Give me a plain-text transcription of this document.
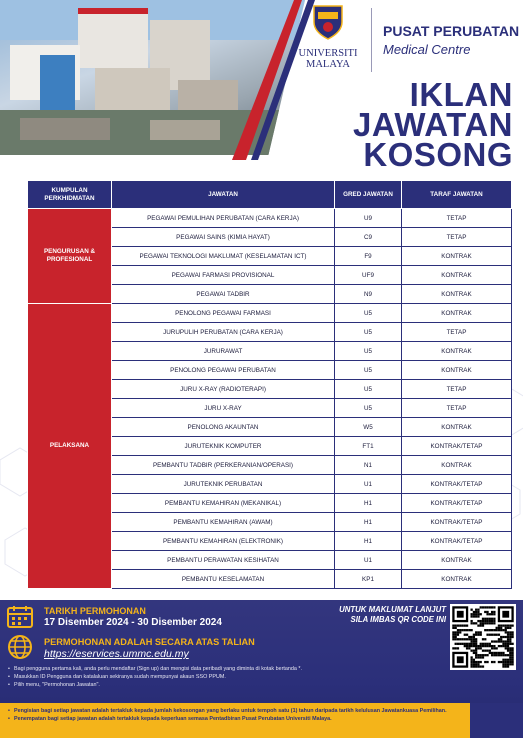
UNIVERSITI
MALAYA
PUSAT PERUBATAN
Medical Centre
IKLAN
JAWATAN
KOSONG
KUMPULAN PERKHIDMATAN	JAWATAN	GRED JAWATAN	TARAF JAWATAN
PENGURUSAN & PROFESIONAL	PEGAWAI PEMULIHAN PERUBATAN (CARA KERJA)	U9	TETAP
	PEGAWAI SAINS (KIMIA HAYAT)	C9	TETAP
	PEGAWAI TEKNOLOGI MAKLUMAT (KESELAMATAN ICT)	F9	KONTRAK
	PEGAWAI FARMASI PROVISIONAL	UF9	KONTRAK
	PEGAWAI TADBIR	N9	KONTRAK
PELAKSANA	PENOLONG PEGAWAI FARMASI	U5	KONTRAK
	JURUPULIH PERUBATAN (CARA KERJA)	U5	TETAP
	JURURAWAT	U5	KONTRAK
	PENOLONG PEGAWAI PERUBATAN	U5	KONTRAK
	JURU X-RAY (RADIOTERAPI)	U5	TETAP
	JURU X-RAY	U5	TETAP
	PENOLONG AKAUNTAN	W5	KONTRAK
	JURUTEKNIK KOMPUTER	FT1	KONTRAK/TETAP
	PEMBANTU TADBIR (PERKERANIAN/OPERASI)	N1	KONTRAK
	JURUTEKNIK PERUBATAN	U1	KONTRAK/TETAP
	PEMBANTU KEMAHIRAN (MEKANIKAL)	H1	KONTRAK/TETAP
	PEMBANTU KEMAHIRAN (AWAM)	H1	KONTRAK/TETAP
	PEMBANTU KEMAHIRAN (ELEKTRONIK)	H1	KONTRAK/TETAP
	PEMBANTU PERAWATAN KESIHATAN	U1	KONTRAK
	PEMBANTU KESELAMATAN	KP1	KONTRAK
TARIKH PERMOHONAN
17 Disember 2024 - 30 Disember 2024
PERMOHONAN ADALAH SECARA ATAS TALIAN
https://eservices.ummc.edu.my
UNTUK MAKLUMAT LANJUT
SILA IMBAS QR CODE INI
• Bagi pengguna pertama kali, anda perlu mendaftar (Sign up) dan mengisi data peribadi yang diminta di kotak bertanda *.
• Masukkan ID Pengguna dan katalaluan sekiranya sudah mempunyai akaun SSO PPUM.
• Pilih menu, "Permohonan Jawatan".
• Pengisian bagi setiap jawatan adalah tertakluk kepada jumlah kekosongan yang berlaku untuk tempoh satu (1) tahun daripada tarikh kelulusan Jawatankuasa Pemilihan.
• Penempatan bagi setiap jawatan adalah tertakluk kepada keperluan semasa Pentadbiran Pusat Perubatan Universiti Malaya.
